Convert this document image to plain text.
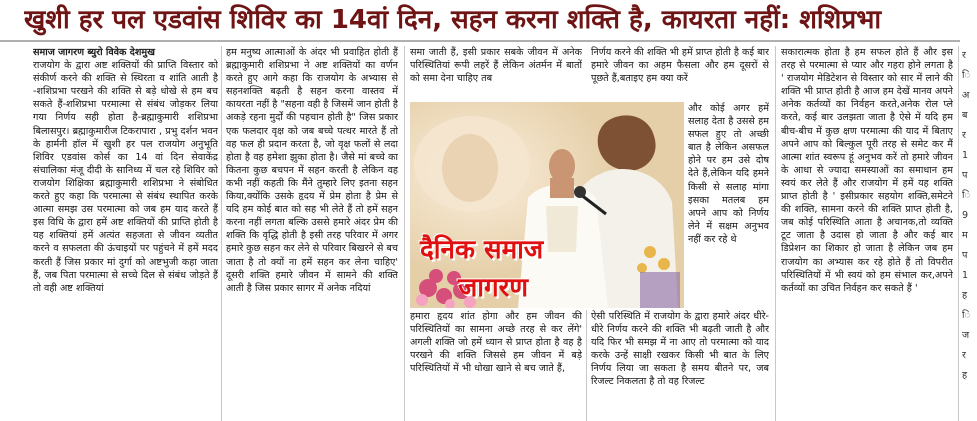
खुशी हर पल एडवांस शिविर का 14वां दिन, सहन करना शक्ति है, कायरता नहीं: शशिप्रभा

समाज जागरण ब्युरो विवेक देशमुख

राजयोग के द्वारा अष्ट शक्तियों की प्राप्ति विस्तार को संकीर्ण करने की शक्ति से स्थिरता व शांति आती है -शशिप्रभा परखने की शक्ति से बड़े धोखे से हम बच सकते हैं-शशिप्रभा परमात्मा से संबंध जोड़कर लिया गया निर्णय सही होता है-ब्रह्माकुमारी शशिप्रभा बिलासपुर। ब्रह्माकुमारीज टिकरापारा , प्रभु दर्शन भवन के हार्मनी हॉल में खुशी हर पल राजयोग अनुभूति शिविर एडवांस कोर्स का 14 वां दिन सेवाकेंद्र संचालिका मंजू दीदी के सानिध्य में चल रहे शिविर को राजयोग शिक्षिका ब्रह्माकुमारी शशिप्रभा ने संबोधित करते हुए कहा कि परमात्मा से संबंध स्थापित करके आत्मा समझ उस परमात्मा को जब हम याद करते हैं इस विधि के द्वारा हमें अष्ट शक्तियों की प्राप्ति होती है यह शक्तियां हमें अत्यंत सहजता से जीवन व्यतीत करने व सफलता की ऊंचाइयों पर पहुंचने में हमें मदद करती हैं जिस प्रकार मां दुर्गा को अष्टभुजी कहा जाता हैं, जब पिता परमात्मा से सच्चे दिल से संबंध जोड़ते हैं तो वही अष्ट शक्तियां

हम मनुष्य आत्माओं के अंदर भी प्रवाहित होती हैं ब्रह्माकुमारी शशिप्रभा ने अष्ट शक्तियों का वर्णन करते हुए आगे कहा कि राजयोग के अभ्यास से सहनशक्ति बढ़ती है सहन करना वास्तव में कायरता नहीं है "सहना वही है जिसमें जान होती है अकड़े रहना मुर्दों की पहचान होती है" जिस प्रकार एक फलदार वृक्ष को जब बच्चे पत्थर मारते हैं तो वह फल ही प्रदान करता है, जो वृक्ष फलों से लदा होता है वह हमेशा झुका होता है। जैसे मां बच्चे का कितना कुछ बचपन में सहन करती है लेकिन वह कभी नहीं कहती कि मैंने तुम्हारे लिए इतना सहन किया,क्योंकि उसके हृदय में प्रेम होता है प्रेम से यदि हम कोई बात को सह भी लेते हैं तो हमें सहन करना नहीं लगता बल्कि उससे हमारे अंदर प्रेम की शक्ति कि वृद्धि होती है इसी तरह परिवार में अगर हमारे कुछ सहन कर लेने से परिवार बिखरने से बच जाता है तो क्यों ना हमें सहन कर लेना चाहिए' दूसरी शक्ति हमारे जीवन में सामने की शक्ति आती है जिस प्रकार सागर में अनेक नदियां

समा जाती हैं, इसी प्रकार सबके जीवन में अनेक परिस्थितियां रूपी लहरें हैं लेकिन अंतर्मन में बातों को समा देना चाहिए तब

निर्णय करने की शक्ति भी हमें प्राप्त होती है कई बार हमारे जीवन का अहम फैसला और हम दूसरों से पूछते हैं,बताइए हम क्या करें

दैनिक समाज
जागरण

और कोई अगर हमें सलाह देता है उससे हम सफल हुए तो अच्छी बात है लेकिन असफल होने पर हम उसे दोष देते हैं,लेकिन यदि हमने किसी से सलाह मांगा इसका मतलब हम अपने आप को निर्णय लेने में सक्षम अनुभव नहीं कर रहे थे

हमारा हृदय शांत होगा और हम जीवन की परिस्थितियों का सामना अच्छे तरह से कर लेंगे' अगली शक्ति जो हमें ध्यान से प्राप्त होता है वह है परखने की शक्ति जिससे हम जीवन में बड़े परिस्थितियों में भी धोखा खाने से बच जाते हैं,

ऐसी परिस्थिति में राजयोग के द्वारा हमारे अंदर धीरे-धीरे निर्णय करने की शक्ति भी बढ़ती जाती है और यदि फिर भी समझ में ना आए तो परमात्मा को याद करके उन्हें साक्षी रखकर किसी भी बात के लिए निर्णय लिया जा सकता है समय बीतने पर, जब रिजल्ट निकलता है तो वह रिजल्ट

सकारात्मक होता है हम सफल होते हैं और इस तरह से परमात्मा से प्यार और गहरा होने लगता है ' राजयोग मेडिटेशन से विस्तार को सार में लाने की शक्ति भी प्राप्त होती है आज हम देखें मानव अपने अनेक कर्तव्यों का निर्वहन करते,अनेक रोल प्ले करते, कई बार उलझता जाता है ऐसे में यदि हम बीच-बीच में कुछ क्षण परमात्मा की याद में बिताए अपने आप को बिल्कुल पूरी तरह से समेट कर मैं आत्मा शांत स्वरूप हूं अनुभव करें तो हमारे जीवन के आधा से ज्यादा समस्याओं का समाधान हम स्वयं कर लेते हैं और राजयोग में हमें यह शक्ति प्राप्त होती है ' इसीप्रकार सहयोग शक्ति,समेटने की शक्ति, सामना करने की शक्ति प्राप्त होती है, जब कोई परिस्थिति आता है अचानक,तो व्यक्ति टूट जाता है उदास हो जाता है और कई बार डिप्रेशन का शिकार हो जाता है लेकिन जब हम राजयोग का अभ्यास कर रहे होते हैं तो विपरीत परिस्थितियों में भी स्वयं को हम संभाल कर,अपने कर्तव्यों का उचित निर्वहन कर सकते हैं '

र
ि
अ
ब
र
1
प
ि
9
म
प
1
ह
ि
ज
र
ह
